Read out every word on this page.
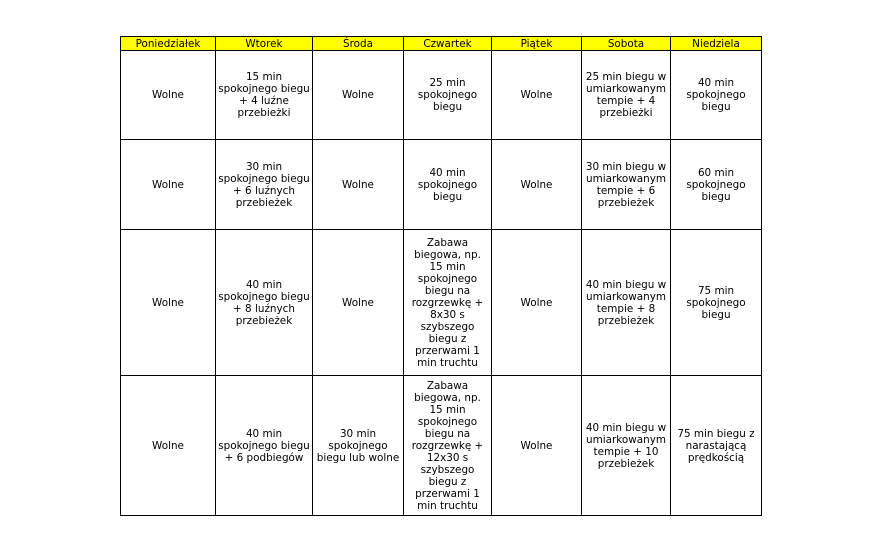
Poniedziałek	Wtorek	Środa	Czwartek	Piątek	Sobota	Niedziela
Wolne	15 min spokojnego biegu + 4 luźne przebieżki	Wolne	25 min spokojnego biegu	Wolne	25 min biegu w umiarkowanym tempie + 4 przebieżki	40 min spokojnego biegu
Wolne	30 min spokojnego biegu + 6 luźnych przebieżek	Wolne	40 min spokojnego biegu	Wolne	30 min biegu w umiarkowanym tempie + 6 przebieżek	60 min spokojnego biegu
Wolne	40 min spokojnego biegu + 8 luźnych przebieżek	Wolne	Zabawa biegowa, np. 15 min spokojnego biegu na rozgrzewkę + 8x30 s szybszego biegu z przerwami 1 min truchtu	Wolne	40 min biegu w umiarkowanym tempie + 8 przebieżek	75 min spokojnego biegu
Wolne	40 min spokojnego biegu + 6 podbiegów	30 min spokojnego biegu lub wolne	Zabawa biegowa, np. 15 min spokojnego biegu na rozgrzewkę + 12x30 s szybszego biegu z przerwami 1 min truchtu	Wolne	40 min biegu w umiarkowanym tempie + 10 przebieżek	75 min biegu z narastającą prędkością
